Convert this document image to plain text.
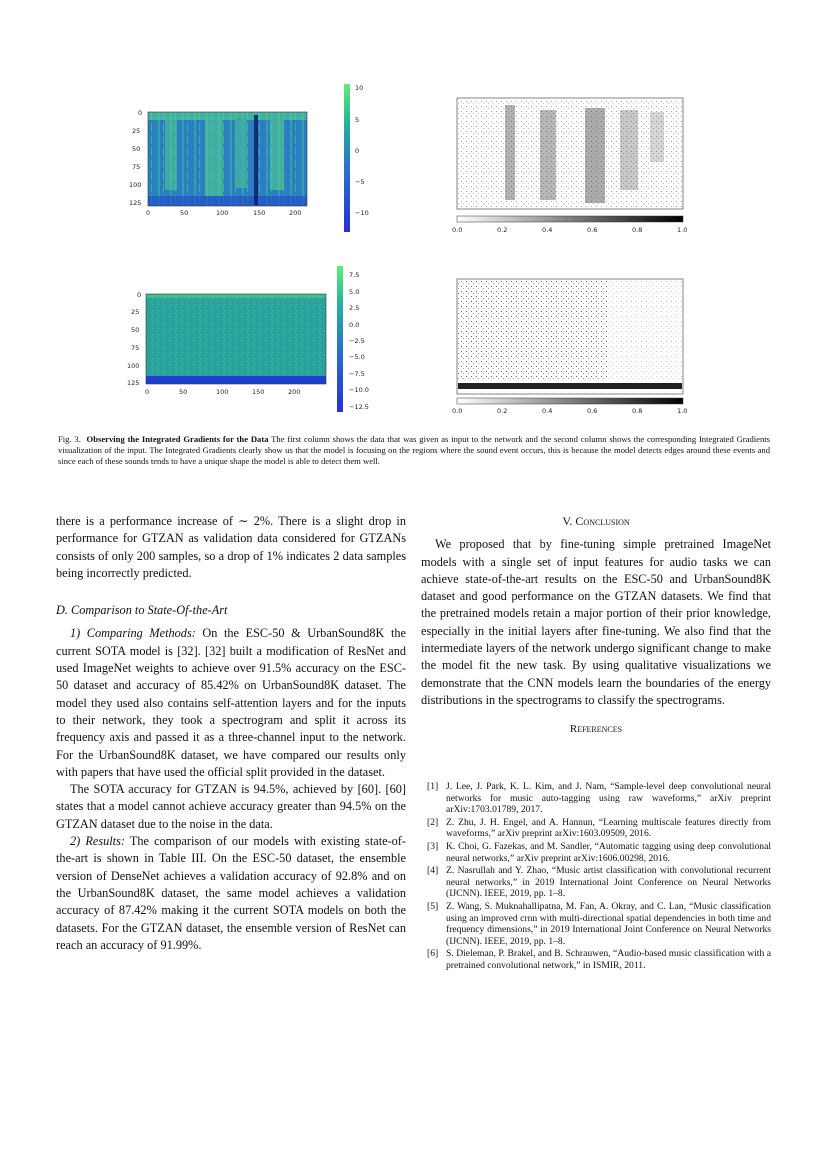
0
25
50
75
100
125
0	50	100	150	200
10
5
0
−5
−10
0.0	0.2	0.4	0.6	0.8	1.0
0
25
50
75
100
125
0	50	100	150	200
7.5
5.0
2.5
0.0
−2.5
−5.0
−7.5
−10.0
−12.5	0.0	0.2	0.4	0.6	0.8	1.0
Fig. 3. Observing the Integrated Gradients for the Data The first column shows the data that was given as input to the network and the second column shows the corresponding Integrated Gradients visualization of the input. The Integrated Gradients clearly show us that the model is focusing on the regions where the sound event occurs, this is because the model detects edges around these events and since each of these sounds tends to have a unique shape the model is able to detect them well.

there is a performance increase of ∼ 2%. There is a slight drop in performance for GTZAN as validation data considered for GTZANs consists of only 200 samples, so a drop of 1% indicates 2 data samples being incorrectly predicted.

D. Comparison to State-Of-the-Art

1) Comparing Methods: On the ESC-50 & UrbanSound8K the current SOTA model is [32]. [32] built a modification of ResNet and used ImageNet weights to achieve over 91.5% accuracy on the ESC-50 dataset and accuracy of 85.42% on UrbanSound8K dataset. The model they used also contains self-attention layers and for the inputs to their network, they took a spectrogram and split it across its frequency axis and passed it as a three-channel input to the network. For the UrbanSound8K dataset, we have compared our results only with papers that have used the official split provided in the dataset.

The SOTA accuracy for GTZAN is 94.5%, achieved by [60]. [60] states that a model cannot achieve accuracy greater than 94.5% on the GTZAN dataset due to the noise in the data.

2) Results: The comparison of our models with existing state-of-the-art is shown in Table III. On the ESC-50 dataset, the ensemble version of DenseNet achieves a validation accuracy of 92.8% and on the UrbanSound8K dataset, the same model achieves a validation accuracy of 87.42% making it the current SOTA models on both the datasets. For the GTZAN dataset, the ensemble version of ResNet can reach an accuracy of 91.99%.

V. Conclusion

We proposed that by fine-tuning simple pretrained ImageNet models with a single set of input features for audio tasks we can achieve state-of-the-art results on the ESC-50 and UrbanSound8K dataset and good performance on the GTZAN datasets. We find that the pretrained models retain a major portion of their prior knowledge, especially in the initial layers after fine-tuning. We also find that the intermediate layers of the network undergo significant change to make the model fit the new task. By using qualitative visualizations we demonstrate that the CNN models learn the boundaries of the energy distributions in the spectrograms to classify the spectrograms.

References

[1] J. Lee, J. Park, K. L. Kim, and J. Nam, “Sample-level deep convolutional neural networks for music auto-tagging using raw waveforms,” arXiv preprint arXiv:1703.01789, 2017.
[2] Z. Zhu, J. H. Engel, and A. Hannun, “Learning multiscale features directly from waveforms,” arXiv preprint arXiv:1603.09509, 2016.
[3] K. Choi, G. Fazekas, and M. Sandler, “Automatic tagging using deep convolutional neural networks,” arXiv preprint arXiv:1606.00298, 2016.
[4] Z. Nasrullah and Y. Zhao, “Music artist classification with convolutional recurrent neural networks,” in 2019 International Joint Conference on Neural Networks (IJCNN). IEEE, 2019, pp. 1–8.
[5] Z. Wang, S. Muknahallipatna, M. Fan, A. Okray, and C. Lan, “Music classification using an improved crnn with multi-directional spatial dependencies in both time and frequency dimensions,” in 2019 International Joint Conference on Neural Networks (IJCNN). IEEE, 2019, pp. 1–8.
[6] S. Dieleman, P. Brakel, and B. Schrauwen, “Audio-based music classification with a pretrained convolutional network,” in ISMIR, 2011.
